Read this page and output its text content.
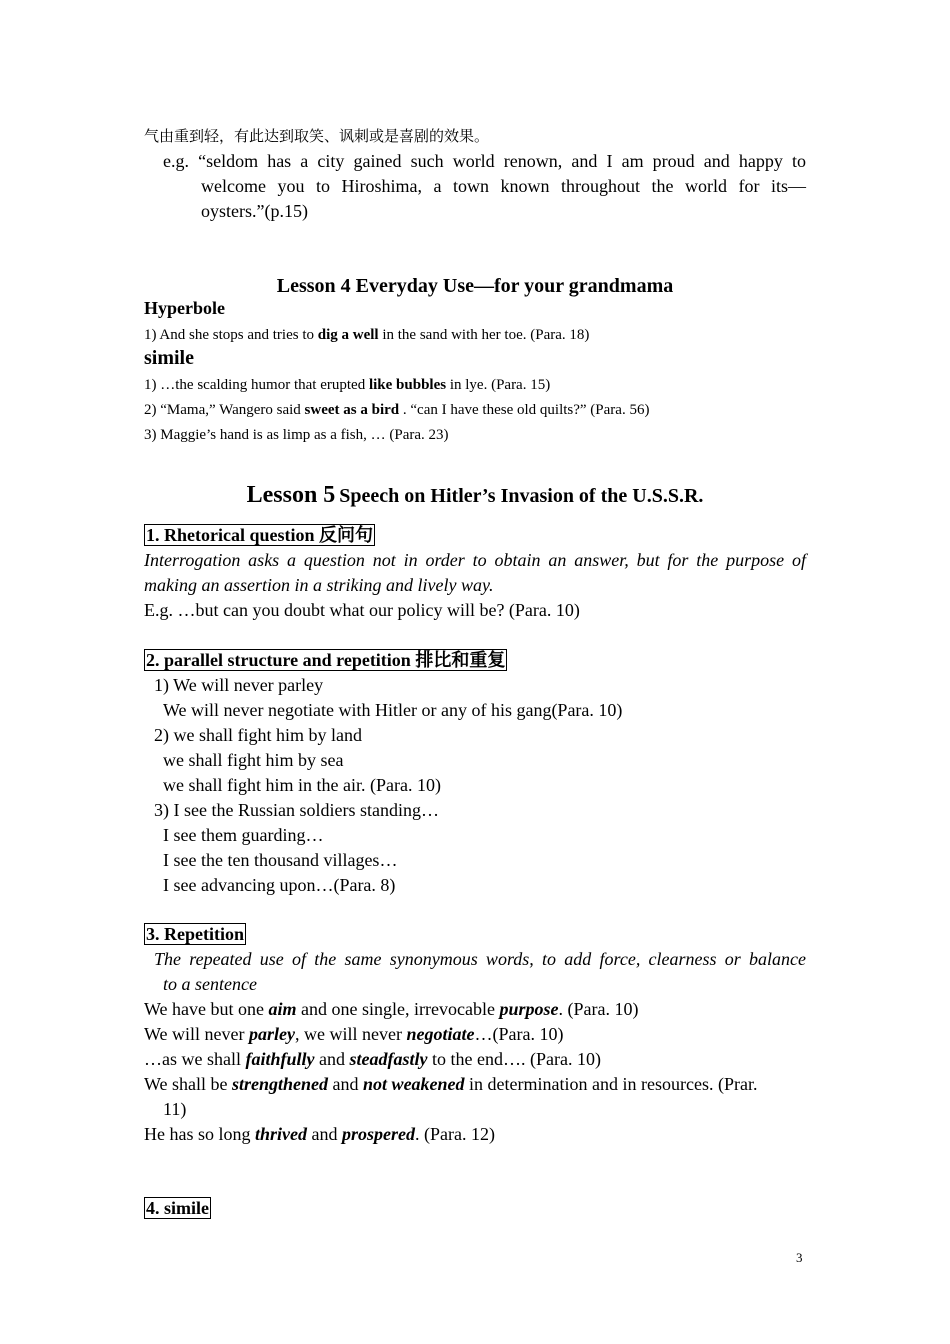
气由重到轻，有此达到取笑、讽刺或是喜剧的效果。
e.g. “seldom has a city gained such world renown, and I am proud and happy to
welcome you to Hiroshima, a town known throughout the world for its—
oysters.”(p.15)
Lesson 4 Everyday Use—for your grandmama
Hyperbole
1) And she stops and tries to dig a well in the sand with her toe. (Para. 18)
simile
1) …the scalding humor that erupted like bubbles in lye. (Para. 15)
2) “Mama,” Wangero said sweet as a bird . “can I have these old quilts?” (Para. 56)
3) Maggie’s hand is as limp as a fish, … (Para. 23)
Lesson 5 Speech on Hitler’s Invasion of the U.S.S.R.
1. Rhetorical question 反问句
Interrogation asks a question not in order to obtain an answer, but for the purpose of
making an assertion in a striking and lively way.
E.g. …but can you doubt what our policy will be? (Para. 10)
2. parallel structure and repetition 排比和重复
1) We will never parley
We will never negotiate with Hitler or any of his gang(Para. 10)
2) we shall fight him by land
we shall fight him by sea
we shall fight him in the air. (Para. 10)
3) I see the Russian soldiers standing…
I see them guarding…
I see the ten thousand villages…
I see advancing upon…(Para. 8)
3. Repetition
The repeated use of the same synonymous words, to add force, clearness or balance
to a sentence
We have but one aim and one single, irrevocable purpose. (Para. 10)
We will never parley, we will never negotiate…(Para. 10)
…as we shall faithfully and steadfastly to the end…. (Para. 10)
We shall be strengthened and not weakened in determination and in resources. (Prar.
11)
He has so long thrived and prospered. (Para. 12)
4. simile
3
